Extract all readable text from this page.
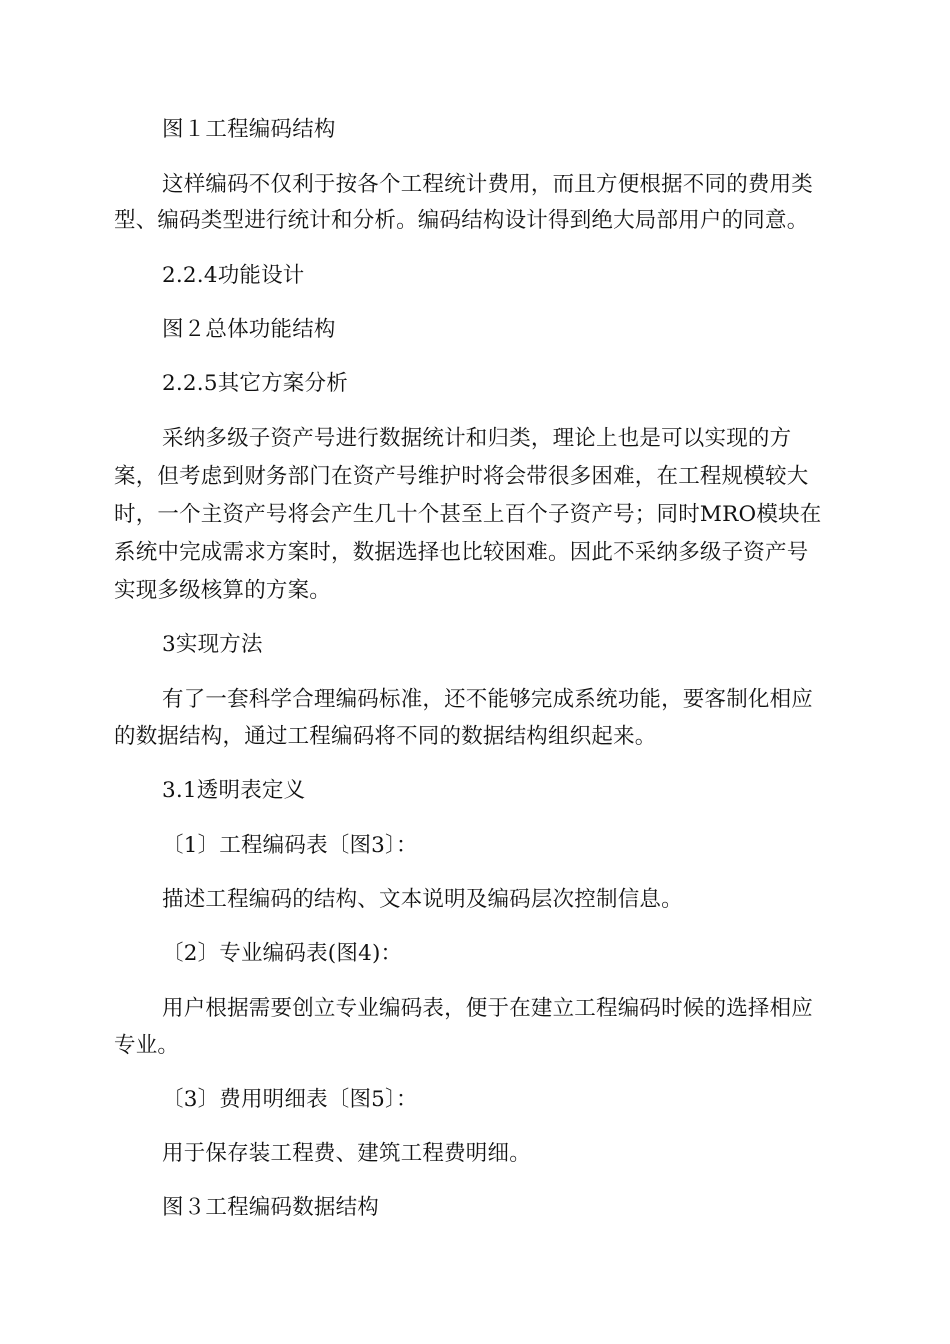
图１工程编码结构
这样编码不仅利于按各个工程统计费用，而且方便根据不同的费用类
型、编码类型进行统计和分析。编码结构设计得到绝大局部用户的同意。
2.2.4功能设计
图２总体功能结构
2.2.5其它方案分析
采纳多级子资产号进行数据统计和归类，理论上也是可以实现的方
案，但考虑到财务部门在资产号维护时将会带很多困难，在工程规模较大
时，一个主资产号将会产生几十个甚至上百个子资产号；同时MRO模块在
系统中完成需求方案时，数据选择也比较困难。因此不采纳多级子资产号
实现多级核算的方案。
3实现方法
有了一套科学合理编码标准，还不能够完成系统功能，要客制化相应
的数据结构，通过工程编码将不同的数据结构组织起来。
3.1透明表定义
〔1〕工程编码表〔图3〕：
描述工程编码的结构、文本说明及编码层次控制信息。
〔2〕专业编码表(图4)：
用户根据需要创立专业编码表，便于在建立工程编码时候的选择相应
专业。
〔3〕费用明细表〔图5〕：
用于保存装工程费、建筑工程费明细。
图３工程编码数据结构
